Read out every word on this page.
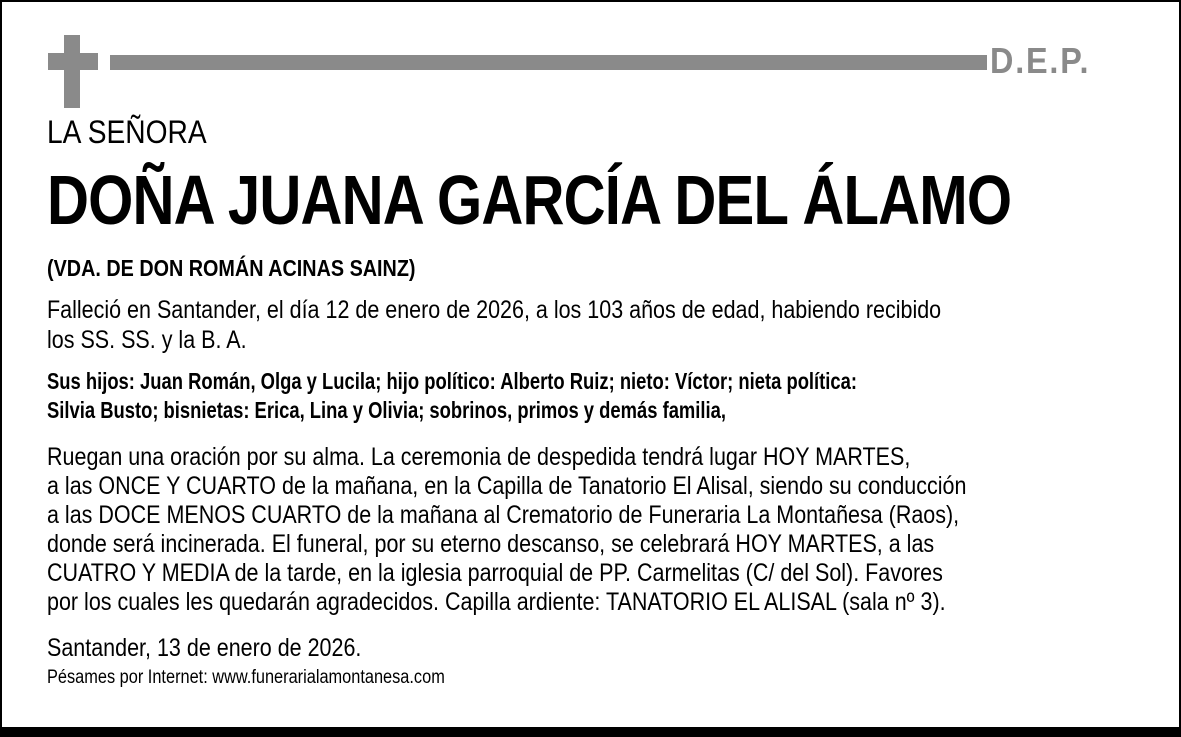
D.E.P.
LA SEÑORA
DOÑA JUANA GARCÍA DEL ÁLAMO
(VDA. DE DON ROMÁN ACINAS SAINZ)
Falleció en Santander, el día 12 de enero de 2026, a los 103 años de edad, habiendo recibido
los SS. SS. y la B. A.
Sus hijos: Juan Román, Olga y Lucila; hijo político: Alberto Ruiz; nieto: Víctor; nieta política:
Silvia Busto; bisnietas: Erica, Lina y Olivia; sobrinos, primos y demás familia,
Ruegan una oración por su alma. La ceremonia de despedida tendrá lugar HOY MARTES,
a las ONCE Y CUARTO de la mañana, en la Capilla de Tanatorio El Alisal, siendo su conducción
a las DOCE MENOS CUARTO de la mañana al Crematorio de Funeraria La Montañesa (Raos),
donde será incinerada. El funeral, por su eterno descanso, se celebrará HOY MARTES, a las
CUATRO Y MEDIA de la tarde, en la iglesia parroquial de PP. Carmelitas (C/ del Sol). Favores
por los cuales les quedarán agradecidos. Capilla ardiente: TANATORIO EL ALISAL (sala nº 3).
Santander, 13 de enero de 2026.
Pésames por Internet: www.funerarialamontanesa.com
